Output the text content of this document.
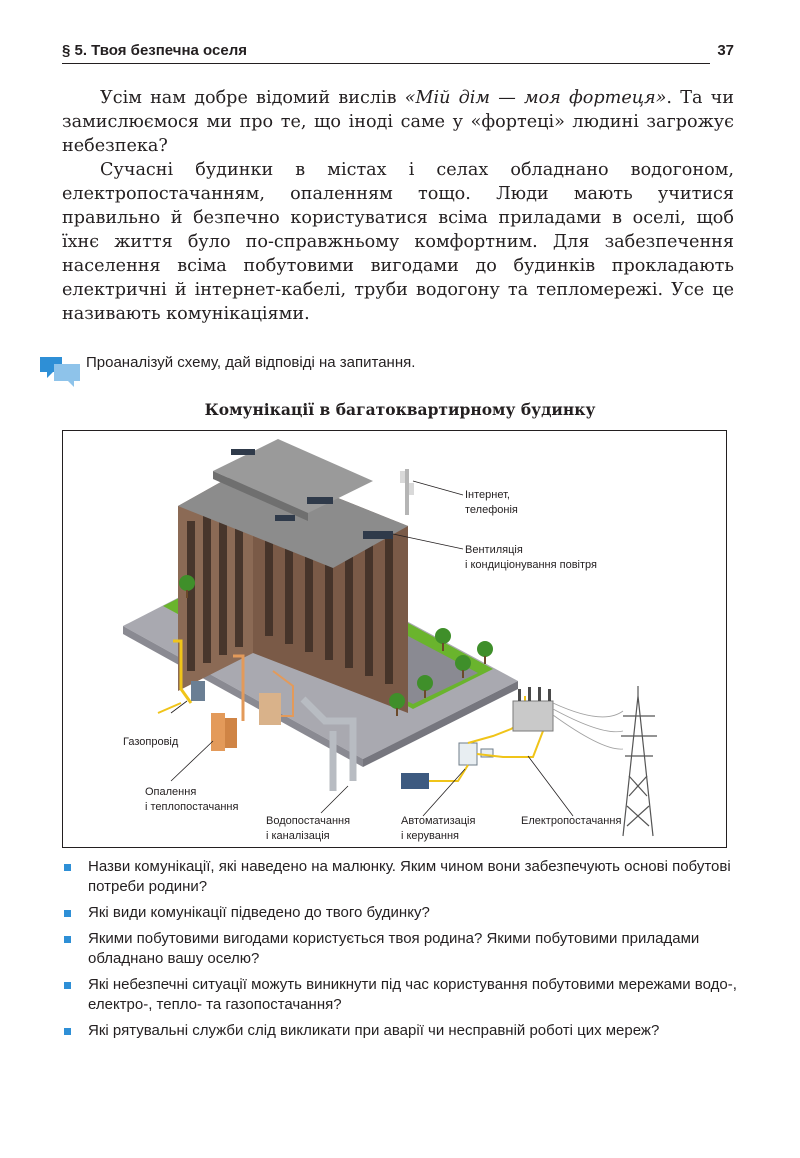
§ 5. Твоя безпечна оселя	37

Усім нам добре відомий вислів «Мій дім — моя фортеця». Та чи замислюємося ми про те, що іноді саме у «фортеці» людині загрожує небезпека?

Сучасні будинки в містах і селах обладнано водогоном, електропостачанням, опаленням тощо. Люди мають учитися правильно й безпечно користуватися всіма приладами в оселі, щоб їхнє життя було по-справжньому комфортним. Для забезпечення населення всіма побутовими вигодами до будинків прокладають електричні й інтернет-кабелі, труби водогону та тепломережі. Усе це називають комунікаціями.

Проаналізуй схему, дай відповіді на запитання.
Комунікації в багатоквартирному будинку
Інтернет,
телефонія
Вентиляція
і кондиціонування повітря
Газопровід
Опалення
і теплопостачання
Водопостачання
і каналізація
Автоматизація
і керування
Електропостачання
Назви комунікації, які наведено на малюнку. Яким чином вони забезпечують основі побутові потреби родини?
Які види комунікації підведено до твого будинку?
Якими побутовими вигодами користується твоя родина? Якими побутовими приладами обладнано вашу оселю?
Які небезпечні ситуації можуть виникнути під час користування побутовими мережами водо-, електро-, тепло- та газопостачання?
Які рятувальні служби слід викликати при аварії чи несправній роботі цих мереж?
